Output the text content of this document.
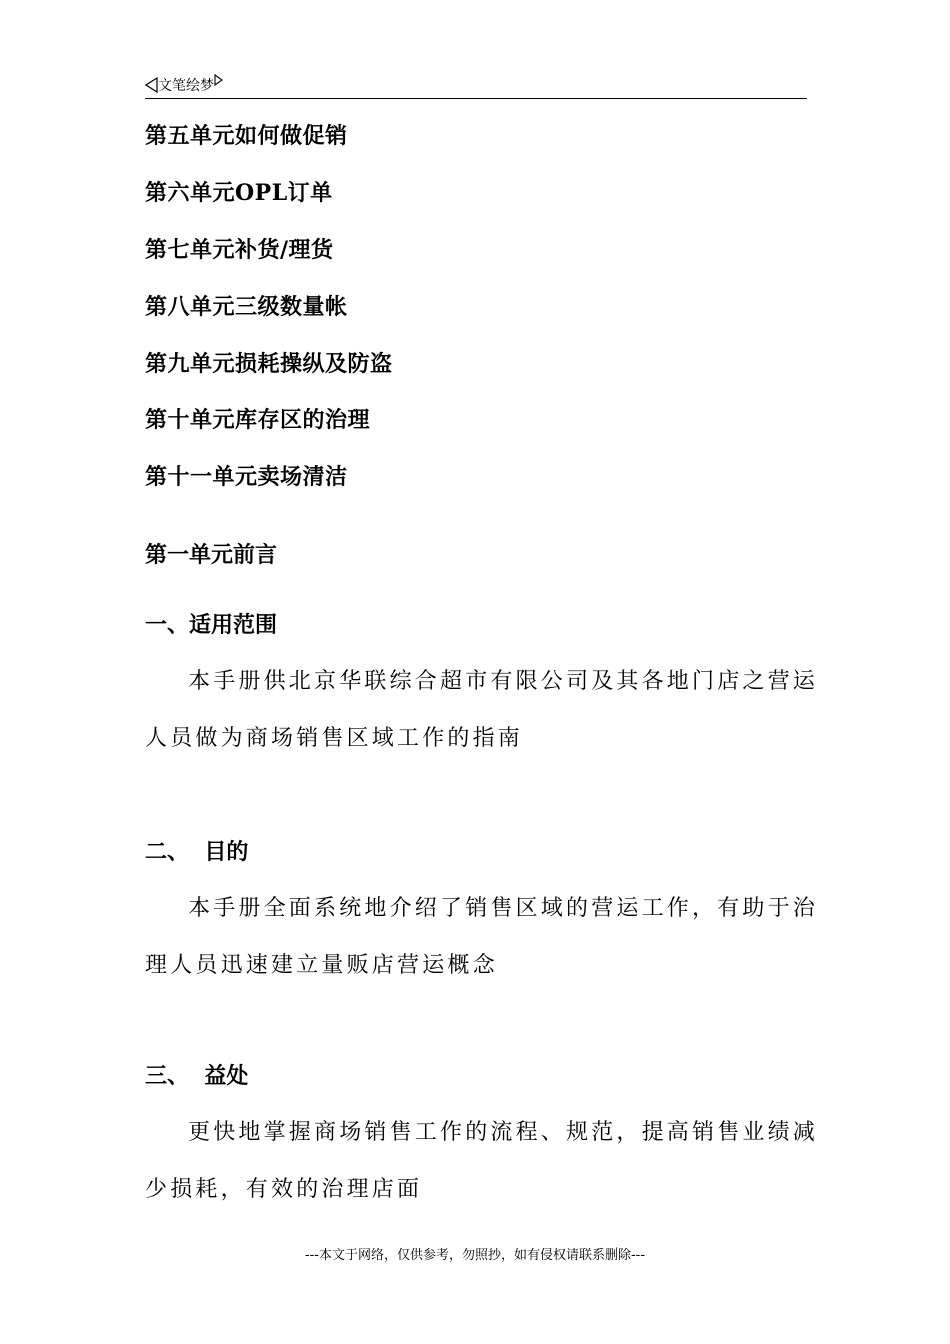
文笔绘梦
第五单元如何做促销
第六单元OPL订单
第七单元补货/理货
第八单元三级数量帐
第九单元损耗操纵及防盗
第十单元库存区的治理
第十一单元卖场清洁
第一单元前言
一、适用范围
本手册供北京华联综合超市有限公司及其各地门店之营运
人员做为商场销售区域工作的指南
二、  目的
本手册全面系统地介绍了销售区域的营运工作，有助于治
理人员迅速建立量贩店营运概念
三、  益处
更快地掌握商场销售工作的流程、规范，提高销售业绩减
少损耗，有效的治理店面
---本文于网络，仅供参考，勿照抄，如有侵权请联系删除---
